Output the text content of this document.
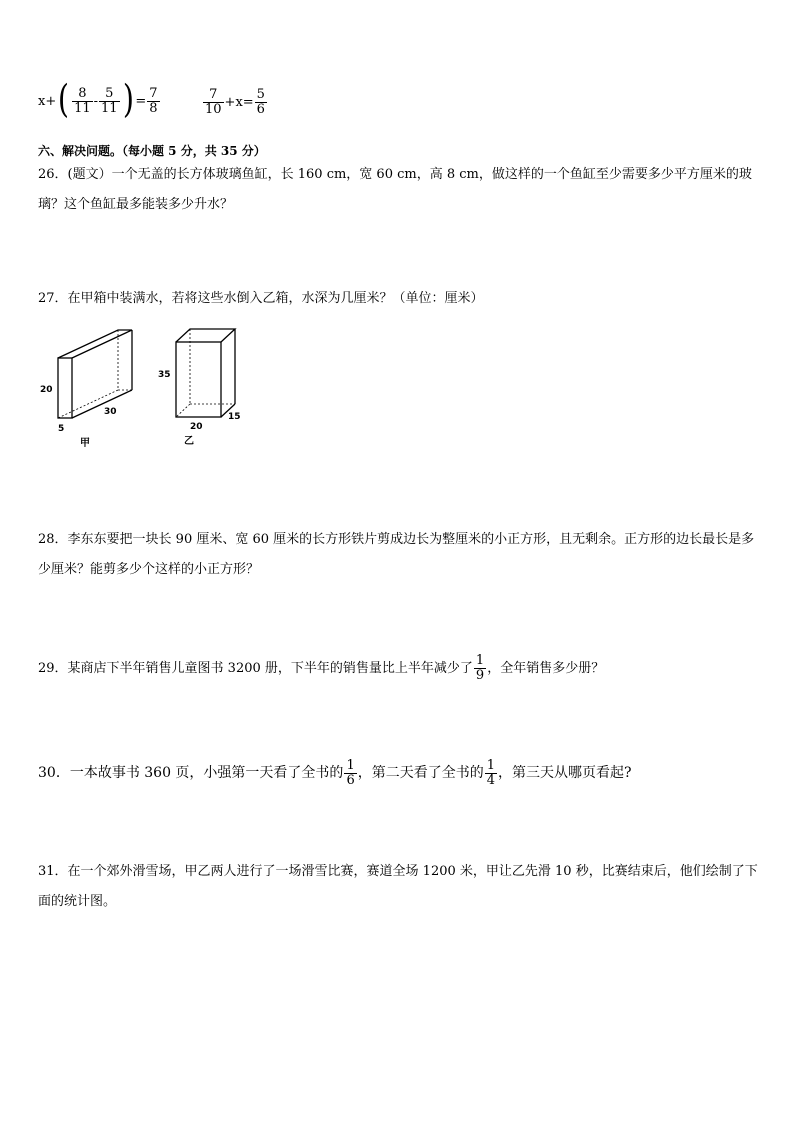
x+ ( $\frac{8}{11} - \frac{5}{11}$ ) = $\frac{7}{8}$	$\frac{7}{10} +x= \frac{5}{6}$
六、解决问题。（每小题 5 分，共 35 分）
26．(题文）一个无盖的长方体玻璃鱼缸，长 160 cm，宽 60 cm，高 8 cm，做这样的一个鱼缸至少需要多少平方厘米的玻璃？这个鱼缸最多能装多少升水？
27．在甲箱中装满水，若将这些水倒入乙箱，水深为几厘米？（单位：厘米）
20
5
30
甲
35
20
15
乙
28．李东东要把一块长 90 厘米、宽 60 厘米的长方形铁片剪成边长为整厘米的小正方形，且无剩余。正方形的边长最长是多少厘米？能剪多少个这样的小正方形？
29．某商店下半年销售儿童图书 3200 册，下半年的销售量比上半年减少了 $\frac{1}{9}$ ，全年销售多少册？
30．一本故事书 360 页，小强第一天看了全书的 $\frac{1}{6}$ ，第二天看了全书的 $\frac{1}{4}$ ，第三天从哪页看起?
31．在一个郊外滑雪场，甲乙两人进行了一场滑雪比赛，赛道全场 1200 米，甲让乙先滑 10 秒，比赛结束后，他们绘制了下面的统计图。
